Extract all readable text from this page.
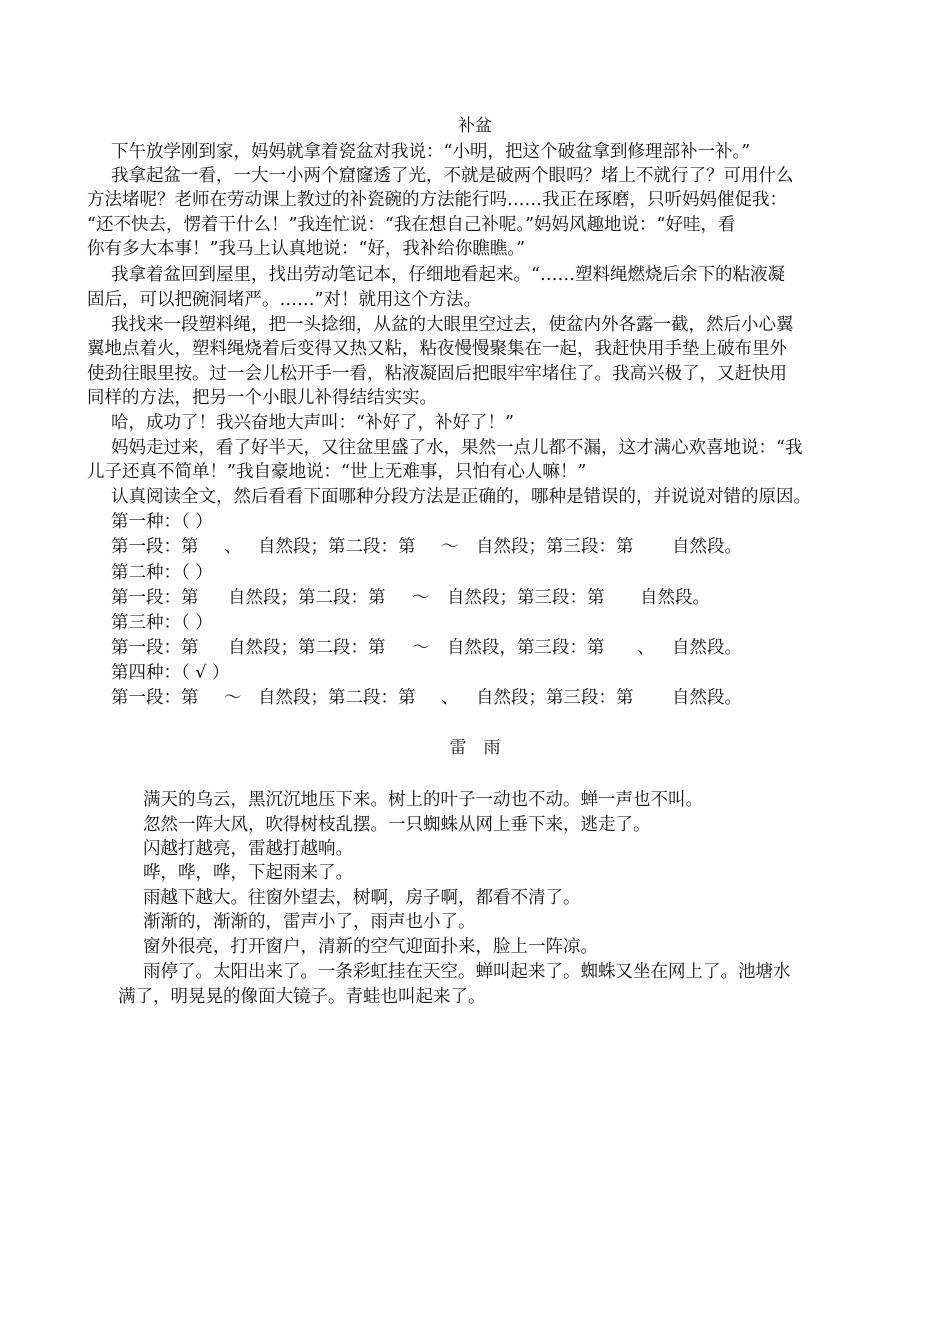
补盆
下午放学刚到家，妈妈就拿着瓷盆对我说：“小明，把这个破盆拿到修理部补一补。”
我拿起盆一看，一大一小两个窟窿透了光，不就是破两个眼吗？堵上不就行了？可用什么
方法堵呢？老师在劳动课上教过的补瓷碗的方法能行吗……我正在琢磨，只听妈妈催促我：
“还不快去，愣着干什么！”我连忙说：“我在想自己补呢。”妈妈风趣地说：“好哇，看
你有多大本事！”我马上认真地说：“好，我补给你瞧瞧。”
我拿着盆回到屋里，找出劳动笔记本，仔细地看起来。“……塑料绳燃烧后余下的粘液凝
固后，可以把碗洞堵严。……”对！就用这个方法。
我找来一段塑料绳，把一头捻细，从盆的大眼里空过去，使盆内外各露一截，然后小心翼
翼地点着火，塑料绳烧着后变得又热又粘，粘夜慢慢聚集在一起，我赶快用手垫上破布里外
使劲往眼里按。过一会儿松开手一看，粘液凝固后把眼牢牢堵住了。我高兴极了，又赶快用
同样的方法，把另一个小眼儿补得结结实实。
哈，成功了！我兴奋地大声叫：“补好了，补好了！”
妈妈走过来，看了好半天，又往盆里盛了水，果然一点儿都不漏，这才满心欢喜地说：“我
儿子还真不简单！”我自豪地说：“世上无难事，只怕有心人嘛！”
认真阅读全文，然后看看下面哪种分段方法是正确的，哪种是错误的，并说说对错的原因。
第一种：（ ）
第一段：第 、 自然段；第二段：第 ～ 自然段；第三段：第 自然段。
第二种：（ ）
第一段：第 自然段；第二段：第 ～ 自然段；第三段：第 自然段。
第三种：（ ）
第一段：第 自然段；第二段：第 ～ 自然段，第三段：第 、 自然段。
第四种：（ √ ）
第一段：第 ～ 自然段；第二段：第 、 自然段；第三段：第 自然段。
雷　雨
满天的乌云，黑沉沉地压下来。树上的叶子一动也不动。蝉一声也不叫。
忽然一阵大风，吹得树枝乱摆。一只蜘蛛从网上垂下来，逃走了。
闪越打越亮，雷越打越响。
哗，哗，哗，下起雨来了。
雨越下越大。往窗外望去，树啊，房子啊，都看不清了。
渐渐的，渐渐的，雷声小了，雨声也小了。
窗外很亮，打开窗户，清新的空气迎面扑来，脸上一阵凉。
雨停了。太阳出来了。一条彩虹挂在天空。蝉叫起来了。蜘蛛又坐在网上了。池塘水
满了，明晃晃的像面大镜子。青蛙也叫起来了。
